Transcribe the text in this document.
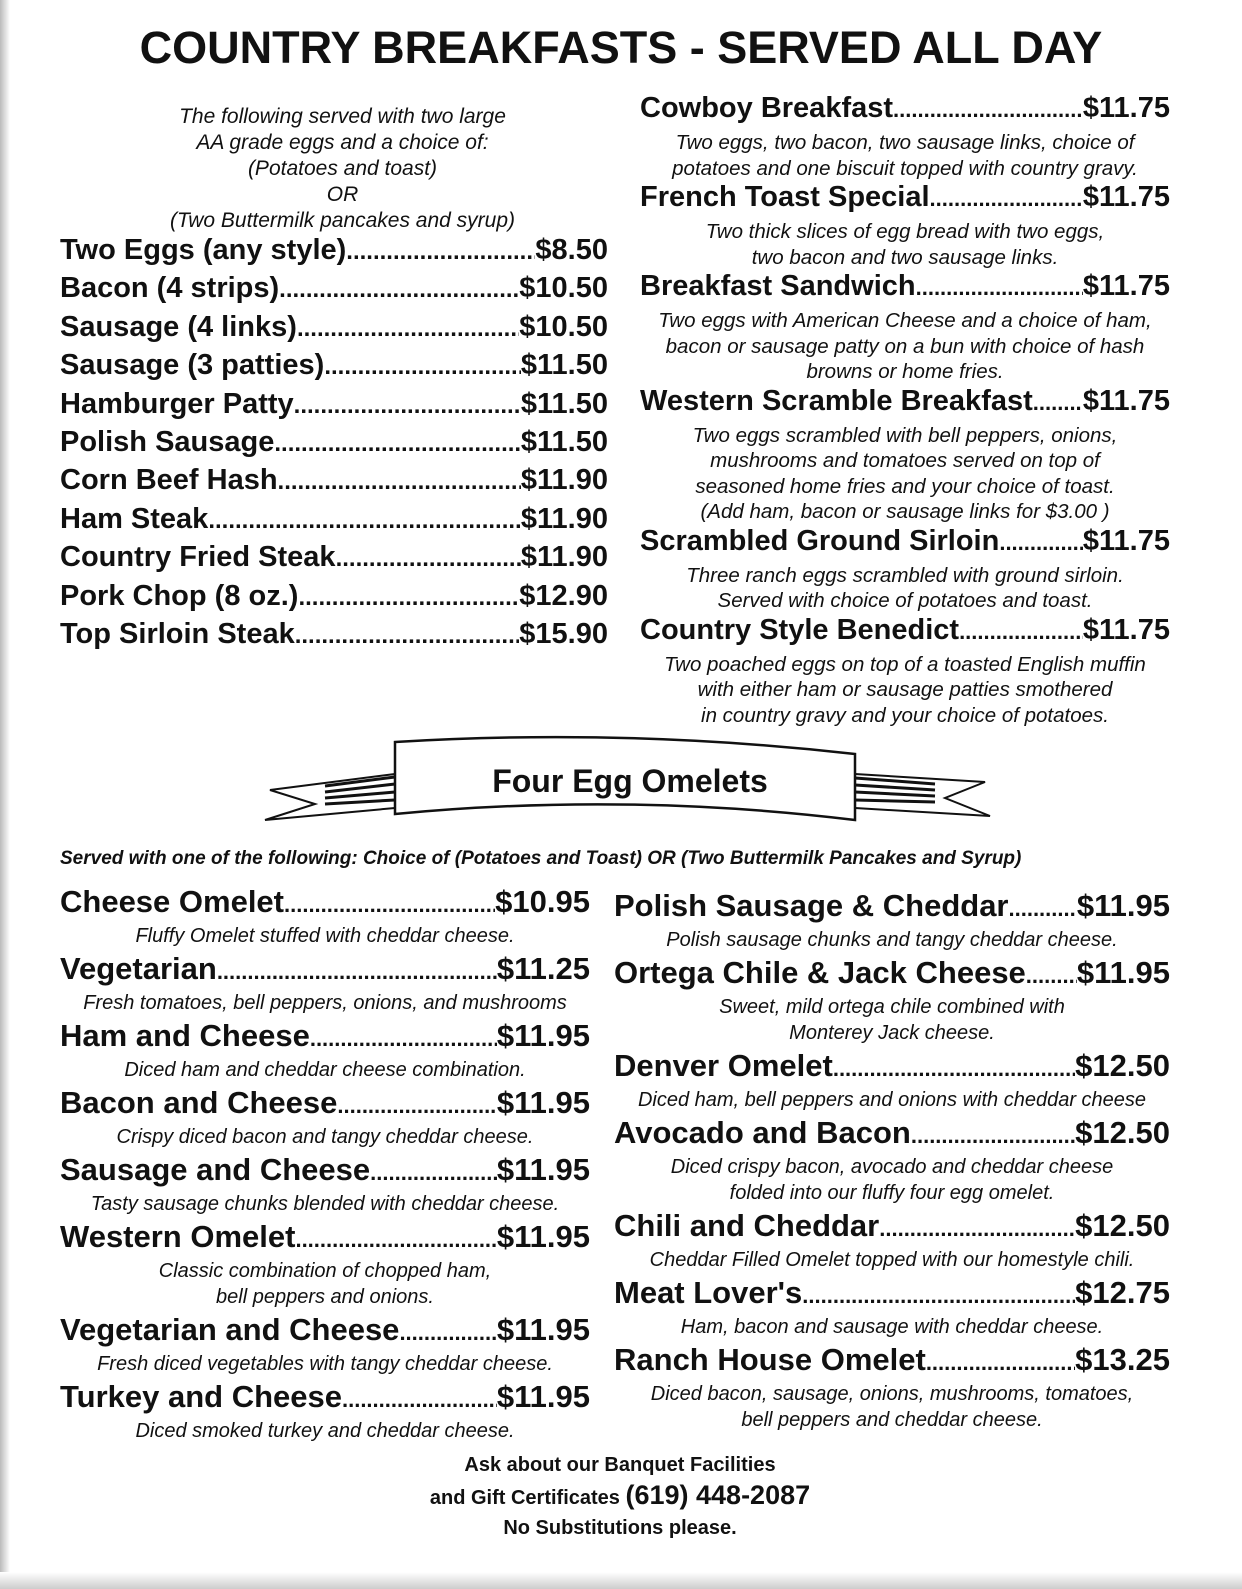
COUNTRY BREAKFASTS - SERVED ALL DAY
The following served with two large
AA grade eggs and a choice of:
(Potatoes and toast)
OR
(Two Buttermilk pancakes and syrup)
Two Eggs (any style) .....	$8.50
Bacon (4 strips) .....	$10.50
Sausage (4 links) .....	$10.50
Sausage (3 patties) .....	$11.50
Hamburger Patty .....	$11.50
Polish Sausage .....	$11.50
Corn Beef Hash .....	$11.90
Ham Steak .....	$11.90
Country Fried Steak .....	$11.90
Pork Chop (8 oz.) .....	$12.90
Top Sirloin Steak .....	$15.90
Cowboy Breakfast .....	$11.75
Two eggs, two bacon, two sausage links, choice of
potatoes and one biscuit topped with country gravy.
French Toast Special .....	$11.75
Two thick slices of egg bread with two eggs,
two bacon and two sausage links.
Breakfast Sandwich .....	$11.75
Two eggs with American Cheese and a choice of ham,
bacon or sausage patty on a bun with choice of hash
browns or home fries.
Western Scramble Breakfast ..... $11.75
Two eggs scrambled with bell peppers, onions,
mushrooms and tomatoes served on top of
seasoned home fries and your choice of toast.
(Add ham, bacon or sausage links for $3.00 )
Scrambled Ground Sirloin .....	$11.75
Three ranch eggs scrambled with ground sirloin.
Served with choice of potatoes and toast.
Country Style Benedict .....	$11.75
Two poached eggs on top of a toasted English muffin
with either ham or sausage patties smothered
in country gravy and your choice of potatoes.
Four Egg Omelets
Served with one of the following: Choice of (Potatoes and Toast) OR (Two Buttermilk Pancakes and Syrup)
Cheese Omelet .....	$10.95
Fluffy Omelet stuffed with cheddar cheese.
Vegetarian .....	$11.25
Fresh tomatoes, bell peppers, onions, and mushrooms
Ham and Cheese .....	$11.95
Diced ham and cheddar cheese combination.
Bacon and Cheese .....	$11.95
Crispy diced bacon and tangy cheddar cheese.
Sausage and Cheese .....	$11.95
Tasty sausage chunks blended with cheddar cheese.
Western Omelet .....	$11.95
Classic combination of chopped ham,
bell peppers and onions.
Vegetarian and Cheese .....	$11.95
Fresh diced vegetables with tangy cheddar cheese.
Turkey and Cheese .....	$11.95
Diced smoked turkey and cheddar cheese.
Polish Sausage & Cheddar ..... $11.95
Polish sausage chunks and tangy cheddar cheese.
Ortega Chile & Jack Cheese ..... $11.95
Sweet, mild ortega chile combined with
Monterey Jack cheese.
Denver Omelet .....	$12.50
Diced ham, bell peppers and onions with cheddar cheese
Avocado and Bacon .....	$12.50
Diced crispy bacon, avocado and cheddar cheese
folded into our fluffy four egg omelet.
Chili and Cheddar .....	$12.50
Cheddar Filled Omelet topped with our homestyle chili.
Meat Lover's .....	$12.75
Ham, bacon and sausage with cheddar cheese.
Ranch House Omelet .....	$13.25
Diced bacon, sausage, onions, mushrooms, tomatoes,
bell peppers and cheddar cheese.
Ask about our Banquet Facilities
and Gift Certificates (619) 448-2087
No Substitutions please.
